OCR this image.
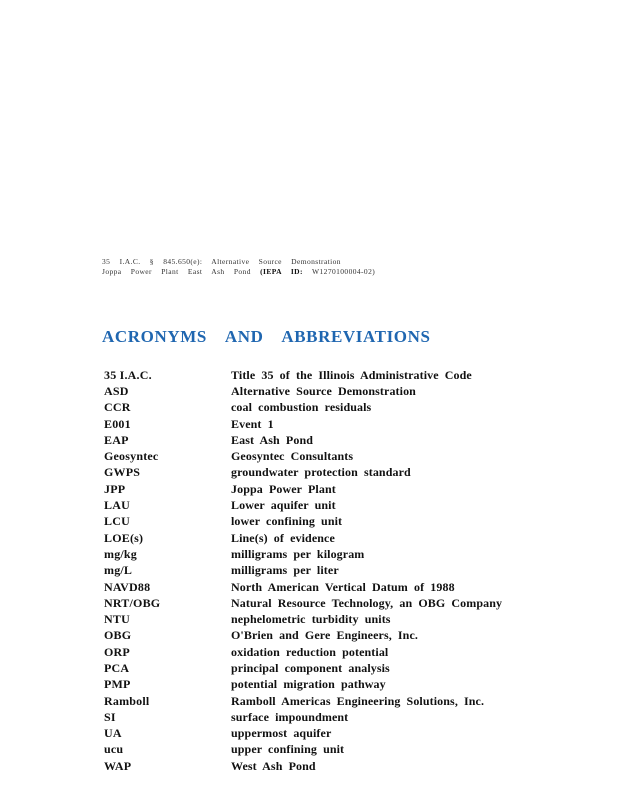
35 I.A.C. § 845.650(e): Alternative Source Demonstration
Joppa Power Plant East Ash Pond (IEPA ID: W1270100004-02)
ACRONYMS AND ABBREVIATIONS
35 I.A.C.	Title 35 of the Illinois Administrative Code
ASD	Alternative Source Demonstration
CCR	coal combustion residuals
E001	Event 1
EAP	East Ash Pond
Geosyntec	Geosyntec Consultants
GWPS	groundwater protection standard
JPP	Joppa Power Plant
LAU	Lower aquifer unit
LCU	lower confining unit
LOE(s)	Line(s) of evidence
mg/kg	milligrams per kilogram
mg/L	milligrams per liter
NAVD88	North American Vertical Datum of 1988
NRT/OBG	Natural Resource Technology, an OBG Company
NTU	nephelometric turbidity units
OBG	O'Brien and Gere Engineers, Inc.
ORP	oxidation reduction potential
PCA	principal component analysis
PMP	potential migration pathway
Ramboll	Ramboll Americas Engineering Solutions, Inc.
SI	surface impoundment
UA	uppermost aquifer
ucu	upper confining unit
WAP	West Ash Pond
